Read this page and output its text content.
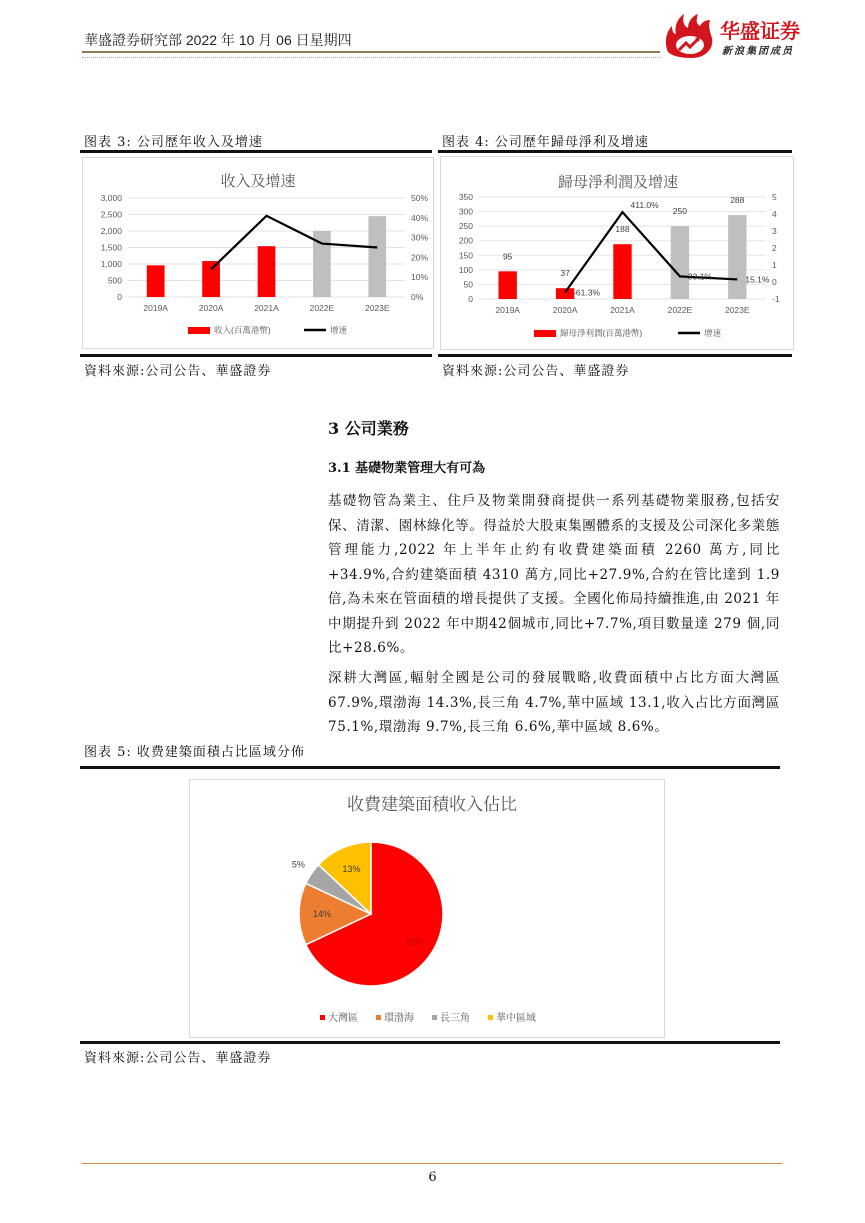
華盛證券研究部 2022 年 10 月 06 日星期四	华盛证券
新浪集团成员
图表 3: 公司歷年收入及增速
收入及增速
0
500
1,000
1,500
2,000
2,500
3,000
0%
10%
20%
30%
40%
50%
2019A	2020A	2021A	2022E	2023E
收入(百萬港幣)	增速
資料來源:公司公告、華盛證券
图表 4: 公司歷年歸母淨利及增速
歸母淨利潤及增速
0
50
100
150
200
250
300
350
-1
0
1
2
3
4
5
2019A
95
2020A
37
2021A
188
2022E
250
2023E
288
-61.3%
411.0%
33.1%	15.1%
歸母淨利潤(百萬港幣)	增速
資料來源:公司公告、華盛證券
3 公司業務
3.1 基礎物業管理大有可為
基礎物管為業主、住戶及物業開發商提供一系列基礎物業服務,包括安保、清潔、園林綠化等。得益於大股東集團體系的支援及公司深化多業態管理能力,2022 年上半年止約有收費建築面積 2260 萬方,同比+34.9%,合約建築面積 4310 萬方,同比+27.9%,合約在管比達到 1.9 倍,為未來在管面積的增長提供了支援。全國化佈局持續推進,由 2021 年中期提升到 2022 年中期42個城市,同比+7.7%,項目數量達 279 個,同比+28.6%。
深耕大灣區,輻射全國是公司的發展戰略,收費面積中占比方面大灣區 67.9%,環渤海 14.3%,長三角 4.7%,華中區域 13.1,收入占比方面灣區 75.1%,環渤海 9.7%,長三角 6.6%,華中區域 8.6%。
图表 5: 收费建築面積占比區域分佈
收費建築面積收入佔比
68%
14%
5%	13%
大灣區	環渤海	長三角	華中區域
資料來源:公司公告、華盛證券
6
